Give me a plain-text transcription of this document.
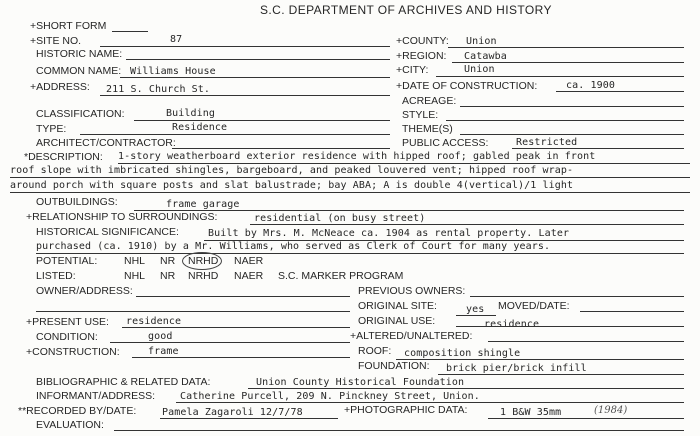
S.C. DEPARTMENT OF ARCHIVES AND HISTORY
+SHORT FORM
+SITE NO.	87	+COUNTY: Union
HISTORIC NAME:	+REGION: Catawba
COMMON NAME: Williams House	+CITY:	Union
+ADDRESS: 211 S. Church St.	+DATE OF CONSTRUCTION:	ca. 1900
ACREAGE:
CLASSIFICATION:	Building	STYLE:
TYPE:	Residence	THEME(S)
ARCHITECT/CONTRACTOR:	PUBLIC ACCESS:	Restricted
*DESCRIPTION: 1-story weatherboard exterior residence with hipped roof; gabled peak in front
roof slope with imbricated shingles, bargeboard, and peaked louvered vent; hipped roof wrap-
around porch with square posts and slat balustrade; bay ABA; A is double 4(vertical)/1 light
OUTBUILDINGS:	frame garage
+RELATIONSHIP TO SURROUNDINGS:	residential (on busy street)
HISTORICAL SIGNIFICANCE:	Built by Mrs. M. McNeace ca. 1904 as rental property. Later
purchased (ca. 1910) by a Mr. Williams, who served as Clerk of Court for many years.
POTENTIAL:	NHL NR NRHD NAER
LISTED:	NHL NR NRHD NAER S.C. MARKER PROGRAM
OWNER/ADDRESS:	PREVIOUS OWNERS:
ORIGINAL SITE:	yes MOVED/DATE:
+PRESENT USE: residence	ORIGINAL USE:	residence
CONDITION:	good	+ALTERED/UNALTERED:
+CONSTRUCTION:	frame	ROOF: composition shingle
FOUNDATION: brick pier/brick infill
BIBLIOGRAPHIC & RELATED DATA:	Union County Historical Foundation
INFORMANT/ADDRESS: Catherine Purcell, 209 N. Pinckney Street, Union.
**RECORDED BY/DATE:	Pamela Zagaroli 12/7/78	+PHOTOGRAPHIC DATA:	1 B&W 35mm	(1984)
EVALUATION:
